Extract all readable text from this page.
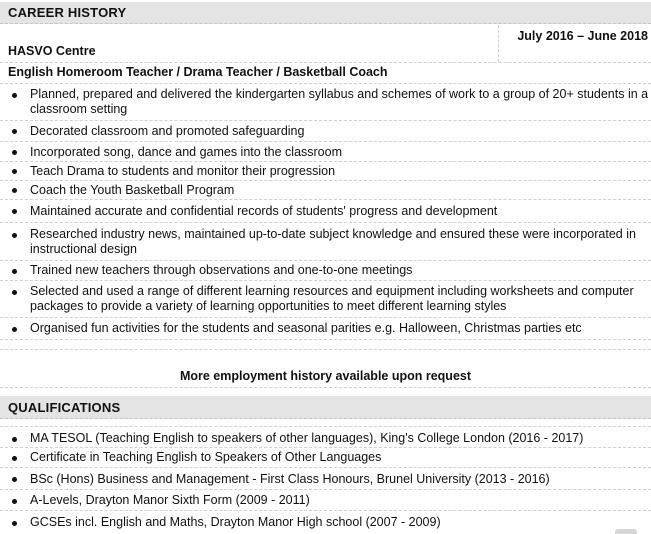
CAREER HISTORY
HASVO Centre
July 2016 – June 2018
English Homeroom Teacher / Drama Teacher / Basketball Coach
Planned, prepared and delivered the kindergarten syllabus and schemes of work to a group of 20+ students in a classroom setting
Decorated classroom and promoted safeguarding
Incorporated song, dance and games into the classroom
Teach Drama to students and monitor their progression
Coach the Youth Basketball Program
Maintained accurate and confidential records of students' progress and development
Researched industry news, maintained up-to-date subject knowledge and ensured these were incorporated in instructional design
Trained new teachers through observations and one-to-one meetings
Selected and used a range of different learning resources and equipment including worksheets and computer packages to provide a variety of learning opportunities to meet different learning styles
Organised fun activities for the students and seasonal parities e.g. Halloween, Christmas parties etc
More employment history available upon request
QUALIFICATIONS
MA TESOL (Teaching English to speakers of other languages), King's College London (2016 - 2017)
Certificate in Teaching English to Speakers of Other Languages
BSc (Hons) Business and Management - First Class Honours, Brunel University (2013 - 2016)
A-Levels, Drayton Manor Sixth Form (2009 - 2011)
GCSEs incl. English and Maths, Drayton Manor High school (2007 - 2009)
